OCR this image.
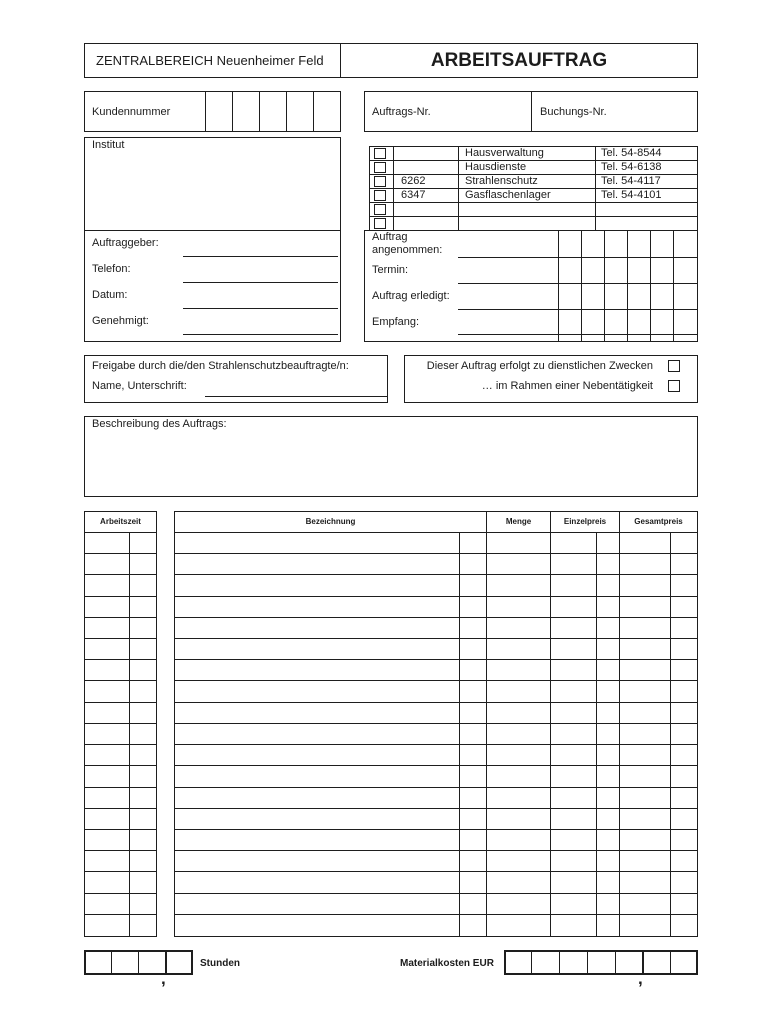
ZENTRALBEREICH Neuenheimer Feld	ARBEITSAUFTRAG
Kundennummer	Auftrags-Nr.	Buchungs-Nr.
Institut
Auftraggeber:
Telefon:
Datum:
Genehmigt:
Hausverwaltung	Tel. 54-8544
Hausdienste	Tel. 54-6138
6262	Strahlenschutz	Tel. 54-4117
6347	Gasflaschenlager	Tel. 54-4101
Auftrag
angenommen:
Termin:
Auftrag erledigt:
Empfang:
Freigabe durch die/den Strahlenschutzbeauftragte/n:
Name, Unterschrift:
Dieser Auftrag erfolgt zu dienstlichen Zwecken
… im Rahmen einer Nebentätigkeit
Beschreibung des Auftrags:
Arbeitszeit	Bezeichnung	Menge	Einzelpreis	Gesamtpreis
Stunden
,
Materialkosten EUR
,
